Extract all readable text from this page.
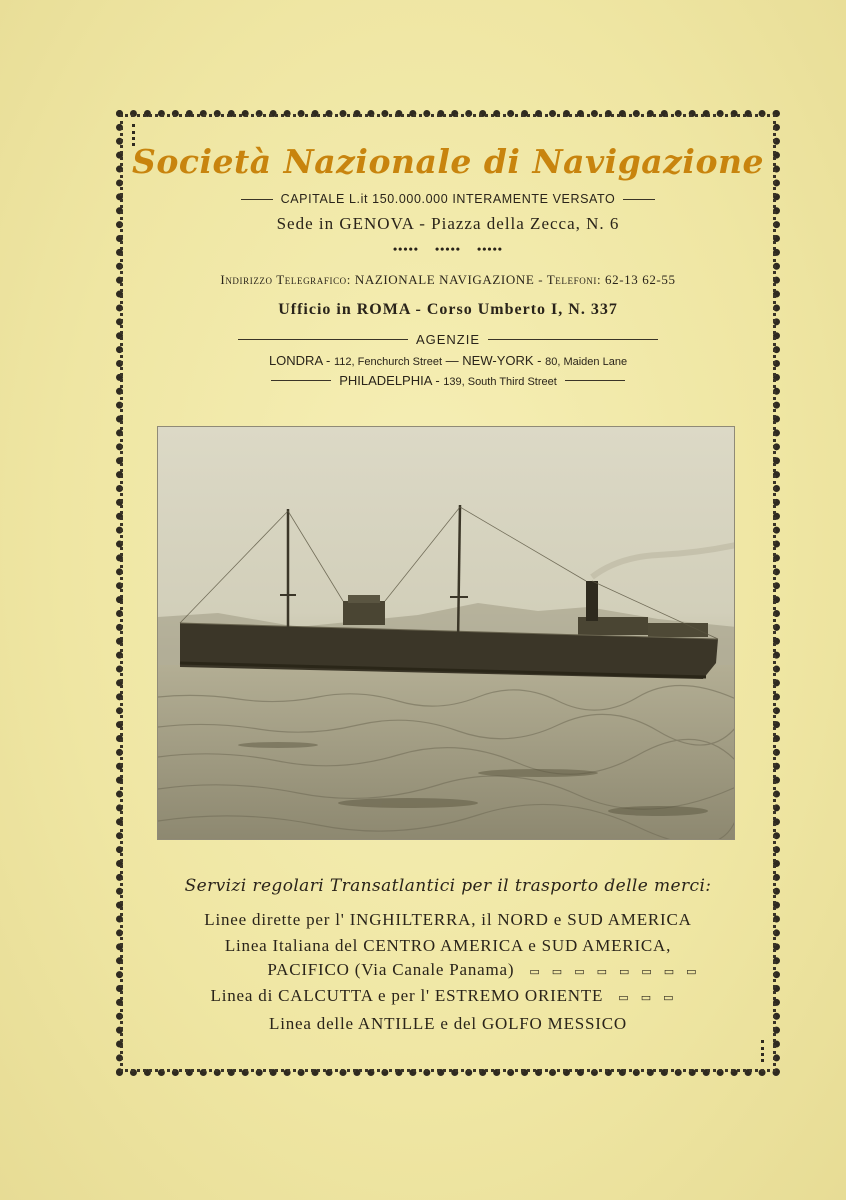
Società Nazionale di Navigazione
CAPITALE L.it 150.000.000 INTERAMENTE VERSATO
Sede in GENOVA - Piazza della Zecca, N. 6
••••• ••••• •••••
Indirizzo Telegrafico: NAZIONALE NAVIGAZIONE - Telefoni: 62-13 62-55
Ufficio in ROMA - Corso Umberto I, N. 337
AGENZIE
LONDRA - 112, Fenchurch Street — NEW-YORK - 80, Maiden Lane
PHILADELPHIA - 139, South Third Street
Servizi regolari Transatlantici per il trasporto delle merci:
Linee dirette per l' INGHILTERRA, il NORD e SUD AMERICA
Linea Italiana del CENTRO AMERICA e SUD AMERICA,
PACIFICO (Via Canale Panama) ▭▭▭▭▭▭▭▭
Linea di CALCUTTA e per l' ESTREMO ORIENTE ▭▭▭
Linea delle ANTILLE e del GOLFO MESSICO
